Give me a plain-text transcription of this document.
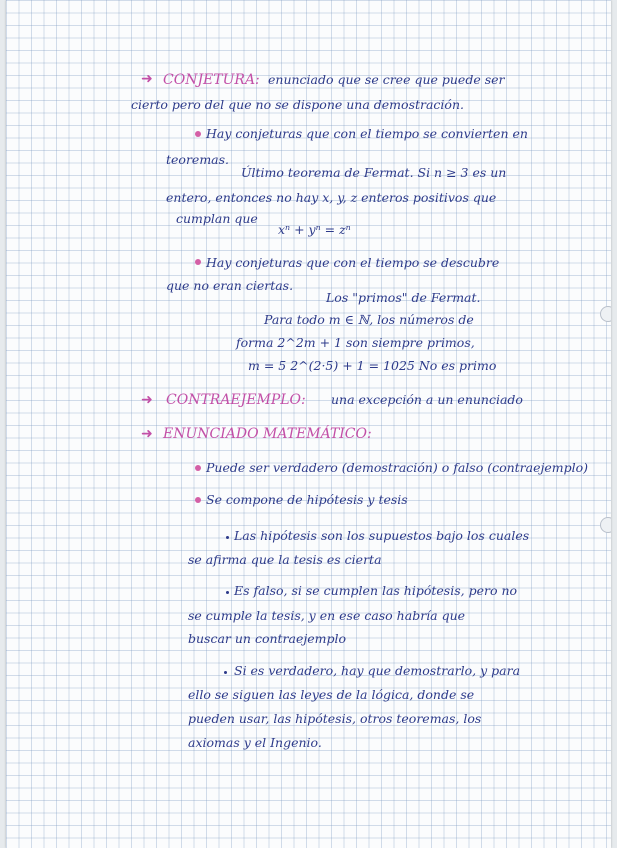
➜ CONJETURA: enunciado que se cree que puede ser
cierto pero del que no se dispone una demostración.
Hay conjeturas que con el tiempo se convierten en
teoremas.
Último teorema de Fermat. Si n ≥ 3 es un
entero, entonces no hay x, y, z enteros positivos que
cumplan que
xⁿ + yⁿ = zⁿ
Hay conjeturas que con el tiempo se descubre
que no eran ciertas.
Los "primos" de Fermat.
Para todo m ∈ ℕ, los números de
forma 2^2m + 1 son siempre primos,
m = 5 2^(2·5) + 1 = 1025 No es primo
➜ CONTRAEJEMPLO: una excepción a un enunciado
➜ ENUNCIADO MATEMÁTICO:
Puede ser verdadero (demostración) o falso (contraejemplo)
Se compone de hipótesis y tesis
Las hipótesis son los supuestos bajo los cuales
se afirma que la tesis es cierta
Es falso, si se cumplen las hipótesis, pero no
se cumple la tesis, y en ese caso habría que
buscar un contraejemplo
Si es verdadero, hay que demostrarlo, y para
ello se siguen las leyes de la lógica, donde se
pueden usar, las hipótesis, otros teoremas, los
axiomas y el Ingenio.
